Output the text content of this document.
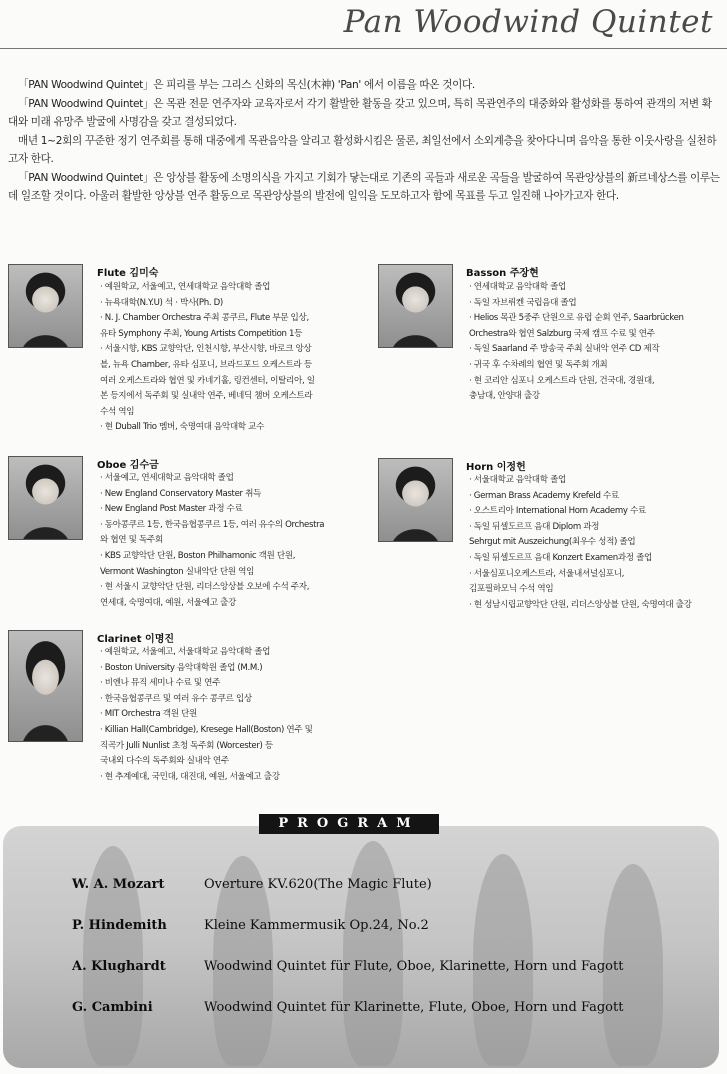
Pan Woodwind Quintet

「PAN Woodwind Quintet」은 피리를 부는 그리스 신화의 목신(木神) 'Pan' 에서 이름을 따온 것이다.

「PAN Woodwind Quintet」은 목관 전문 연주자와 교육자로서 각기 활발한 활동을 갖고 있으며, 특히 목관연주의 대중화와 활성화를 통하여 관객의 저변 확대와 미래 유망주 발굴에 사명감을 갖고 결성되었다.

매년 1~2회의 꾸준한 정기 연주회를 통해 대중에게 목관음악을 알리고 활성화시킴은 물론, 최일선에서 소외계층을 찾아다니며 음악을 통한 이웃사랑을 실천하고자 한다.

「PAN Woodwind Quintet」은 앙상블 활동에 소명의식을 가지고 기회가 닿는대로 기존의 곡들과 새로운 곡들을 발굴하여 목관앙상블의 新르네상스를 이루는 데 일조할 것이다. 아울러 활발한 앙상블 연주 활동으로 목관앙상블의 발전에 일익을 도모하고자 함에 목표를 두고 일진해 나아가고자 한다.

Flute 김미숙
· 예원학교, 서울예고, 연세대학교 음악대학 졸업
· 뉴욕대학(N.Y.U) 석 · 박사(Ph. D)
· N. J. Chamber Orchestra 주최 콩쿠르, Flute 부문 입상,
유타 Symphony 주최, Young Artists Competition 1등
· 서울시향, KBS 교향악단, 인천시향, 부산시향, 바로크 앙상
블, 뉴욕 Chamber, 유타 심포니, 브라드포드 오케스트라 등
여러 오케스트라와 협연 및 카네기홀, 링컨센터, 이탈리아, 일
본 등지에서 독주회 및 실내악 연주, 베네딕 챔버 오케스트라
수석 역임
· 현 Duball Trio 멤버, 숙명여대 음악대학 교수
Basson 주장현
· 연세대학교 음악대학 졸업
· 독일 자브뤼켄 국립음대 졸업
· Helios 목관 5중주 단원으로 유럽 순회 연주, Saarbrücken
Orchestra와 협연 Salzburg 국제 캠프 수료 및 연주
· 독일 Saarland 주 방송국 주최 실내악 연주 CD 제작
· 귀국 후 수차례의 협연 및 독주회 개최
· 현 코리안 심포니 오케스트라 단원, 건국대, 경원대,
충남대, 안양대 출강
Oboe 김수금
· 서울예고, 연세대학교 음악대학 졸업
· New England Conservatory Master 취득
· New England Post Master 과정 수료
· 동아콩쿠르 1등, 한국음협콩쿠르 1등, 여러 유수의 Orchestra
와 협연 및 독주회
· KBS 교향악단 단원, Boston Philhamonic 객원 단원,
Vermont Washington 실내악단 단원 역임
· 현 서울시 교향악단 단원, 리더스앙상블 오보에 수석 주자,
연세대, 숙명여대, 예원, 서울예고 출강
Horn 이정헌
· 서울대학교 음악대학 졸업
· German Brass Academy Krefeld 수료
· 오스트리아 International Horn Academy 수료
· 독일 뒤셀도르프 음대 Diplom 과정
Sehrgut mit Auszeichung(최우수 성적) 졸업
· 독일 뒤셀도르프 음대 Konzert Examen과정 졸업
· 서울심포니오케스트라, 서울내셔널심포니,
김포필하모닉 수석 역임
· 현 성남시립교향악단 단원, 리더스앙상블 단원, 숙명여대 출강
Clarinet 이명진
· 예원학교, 서울예고, 서울대학교 음악대학 졸업
· Boston University 음악대학원 졸업 (M.M.)
· 비엔나 뮤직 세미나 수료 및 연주
· 한국음협콩쿠르 및 여러 유수 콩쿠르 입상
· MIT Orchestra 객원 단원
· Killian Hall(Cambridge), Kresege Hall(Boston) 연주 및
직곡가 Julli Nunlist 초청 독주회 (Worcester) 등
국내외 다수의 독주회와 실내악 연주
· 현 추계예대, 국민대, 대진대, 예원, 서울예고 출강
PROGRAM
W. A. Mozart	Overture KV.620(The Magic Flute)
P. Hindemith	Kleine Kammermusik Op.24, No.2
A. Klughardt	Woodwind Quintet für Flute, Oboe, Klarinette, Horn und Fagott
G. Cambini	Woodwind Quintet für Klarinette, Flute, Oboe, Horn und Fagott
